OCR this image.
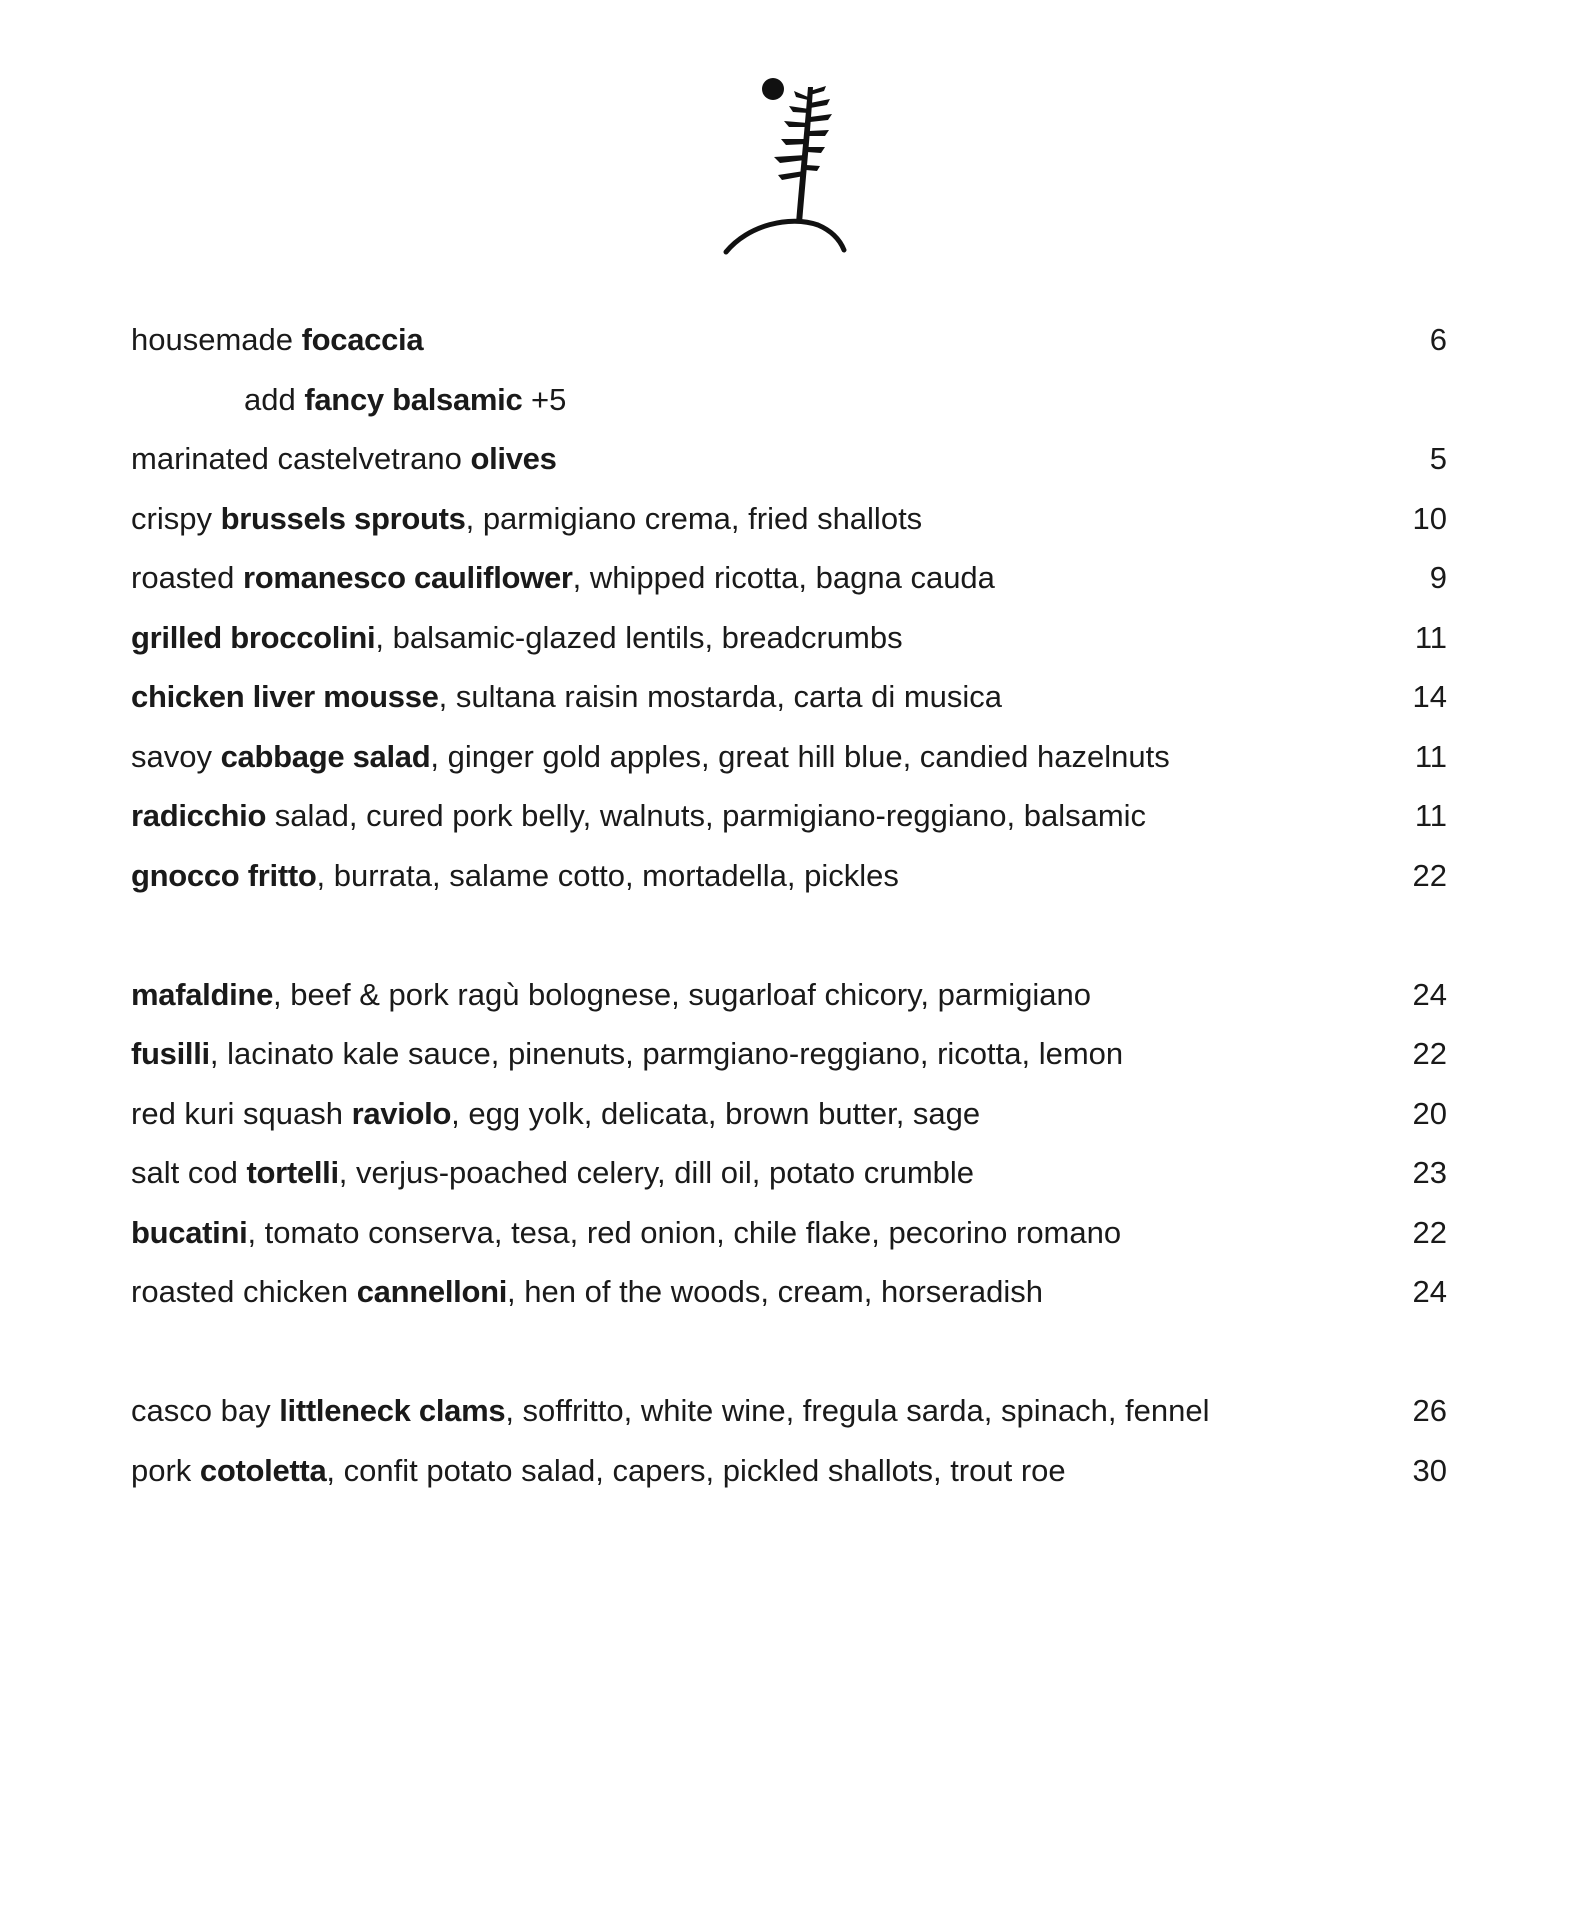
housemade focaccia	6
add fancy balsamic +5
marinated castelvetrano olives	5
crispy brussels sprouts, parmigiano crema, fried shallots	10
roasted romanesco cauliflower, whipped ricotta, bagna cauda	9
grilled broccolini, balsamic-glazed lentils, breadcrumbs	11
chicken liver mousse, sultana raisin mostarda, carta di musica	14
savoy cabbage salad, ginger gold apples, great hill blue, candied hazelnuts	11
radicchio salad, cured pork belly, walnuts, parmigiano-reggiano, balsamic	11
gnocco fritto, burrata, salame cotto, mortadella, pickles	22
mafaldine, beef & pork ragù bolognese, sugarloaf chicory, parmigiano	24
fusilli, lacinato kale sauce, pinenuts, parmgiano-reggiano, ricotta, lemon	22
red kuri squash raviolo, egg yolk, delicata, brown butter, sage	20
salt cod tortelli, verjus-poached celery, dill oil, potato crumble	23
bucatini, tomato conserva, tesa, red onion, chile flake, pecorino romano	22
roasted chicken cannelloni, hen of the woods, cream, horseradish	24
casco bay littleneck clams, soffritto, white wine, fregula sarda, spinach, fennel	26
pork cotoletta, confit potato salad, capers, pickled shallots, trout roe	30
